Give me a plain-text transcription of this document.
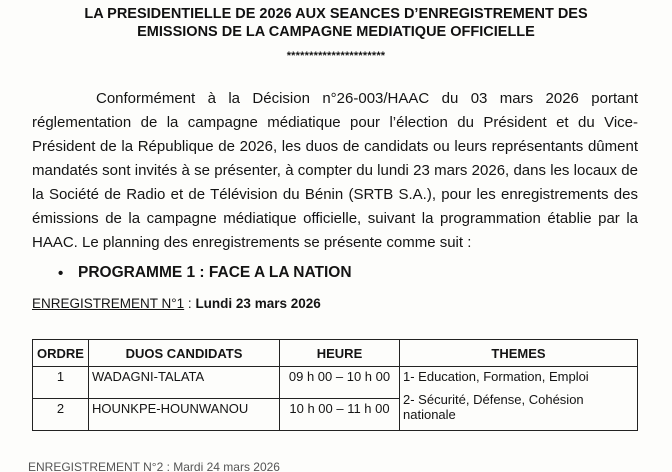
LA PRESIDENTIELLE DE 2026 AUX SEANCES D’ENREGISTREMENT DES
EMISSIONS DE LA CAMPAGNE MEDIATIQUE OFFICIELLE
**********************

Conformément à la Décision n°26-003/HAAC du 03 mars 2026 portant réglementation de la campagne médiatique pour l’élection du Président et du Vice-Président de la République de 2026, les duos de candidats ou leurs représentants dûment mandatés sont invités à se présenter, à compter du lundi 23 mars 2026, dans les locaux de la Société de Radio et de Télévision du Bénin (SRTB S.A.), pour les enregistrements des émissions de la campagne médiatique officielle, suivant la programmation établie par la HAAC. Le planning des enregistrements se présente comme suit :

• PROGRAMME 1 : FACE A LA NATION
ENREGISTREMENT N°1 : Lundi 23 mars 2026
ORDRE	DUOS CANDIDATS	HEURE	THEMES
1	WADAGNI-TALATA	09 h 00 – 10 h 00	1- Education, Formation, Emploi
2- Sécurité, Défense, Cohésion nationale

2	HOUNKPE-HOUNWANOU	10 h 00 – 11 h 00	
ENREGISTREMENT N°2 : Mardi 24 mars 2026
